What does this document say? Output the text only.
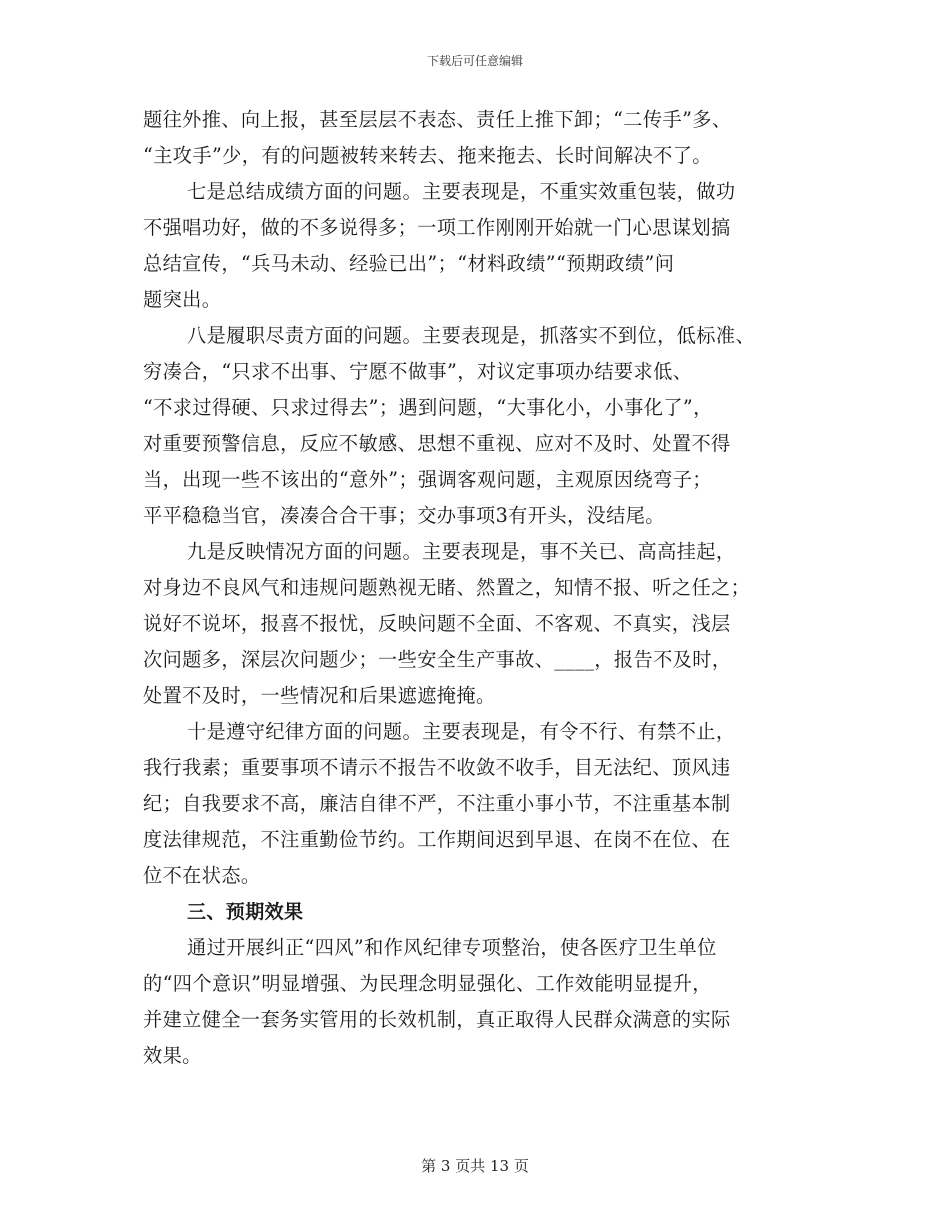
下载后可任意编辑
题往外推、向上报，甚至层层不表态、责任上推下卸；“二传手”多、
“主攻手”少，有的问题被转来转去、拖来拖去、长时间解决不了。
七是总结成绩方面的问题。主要表现是，不重实效重包装，做功
不强唱功好，做的不多说得多；一项工作刚刚开始就一门心思谋划搞
总结宣传，“兵马未动、经验已出”；“材料政绩”“预期政绩”问
题突出。
八是履职尽责方面的问题。主要表现是，抓落实不到位，低标准、
穷凑合，“只求不出事、宁愿不做事”，对议定事项办结要求低、
“不求过得硬、只求过得去”；遇到问题，“大事化小，小事化了”，
对重要预警信息，反应不敏感、思想不重视、应对不及时、处置不得
当，出现一些不该出的“意外”；强调客观问题，主观原因绕弯子；
平平稳稳当官，凑凑合合干事；交办事项3有开头，没结尾。
九是反映情况方面的问题。主要表现是，事不关已、高高挂起，
对身边不良风气和违规问题熟视无睹、然置之，知情不报、听之任之；
说好不说坏，报喜不报忧，反映问题不全面、不客观、不真实，浅层
次问题多，深层次问题少；一些安全生产事故、____，报告不及时，
处置不及时，一些情况和后果遮遮掩掩。
十是遵守纪律方面的问题。主要表现是，有令不行、有禁不止，
我行我素；重要事项不请示不报告不收敛不收手，目无法纪、顶风违
纪；自我要求不高，廉洁自律不严，不注重小事小节，不注重基本制
度法律规范，不注重勤俭节约。工作期间迟到早退、在岗不在位、在
位不在状态。
三、预期效果
通过开展纠正“四风”和作风纪律专项整治，使各医疗卫生单位
的“四个意识”明显增强、为民理念明显强化、工作效能明显提升，
并建立健全一套务实管用的长效机制，真正取得人民群众满意的实际
效果。
第 3 页共 13 页
